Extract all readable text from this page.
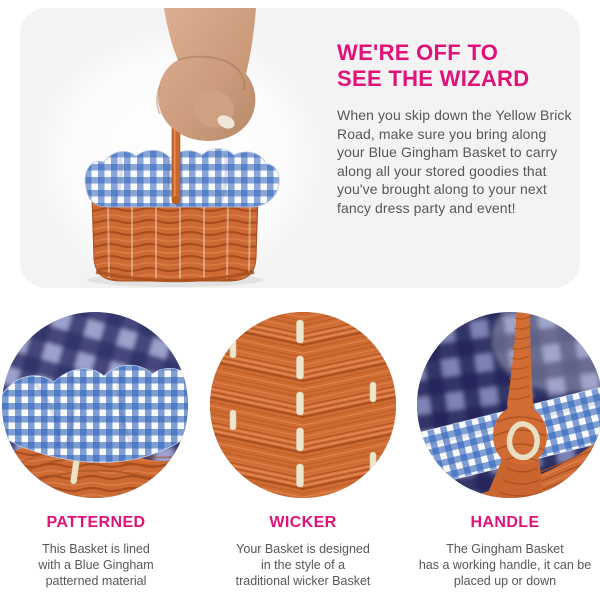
WE'RE OFF TO
SEE THE WIZARD
When you skip down the Yellow Brick
Road, make sure you bring along
your Blue Gingham Basket to carry
along all your stored goodies that
you've brought along to your next
fancy dress party and event!
PATTERNED
This Basket is lined
with a Blue Gingham
patterned material
WICKER
Your Basket is designed
in the style of a
traditional wicker Basket
HANDLE
The Gingham Basket
has a working handle, it can be
placed up or down
